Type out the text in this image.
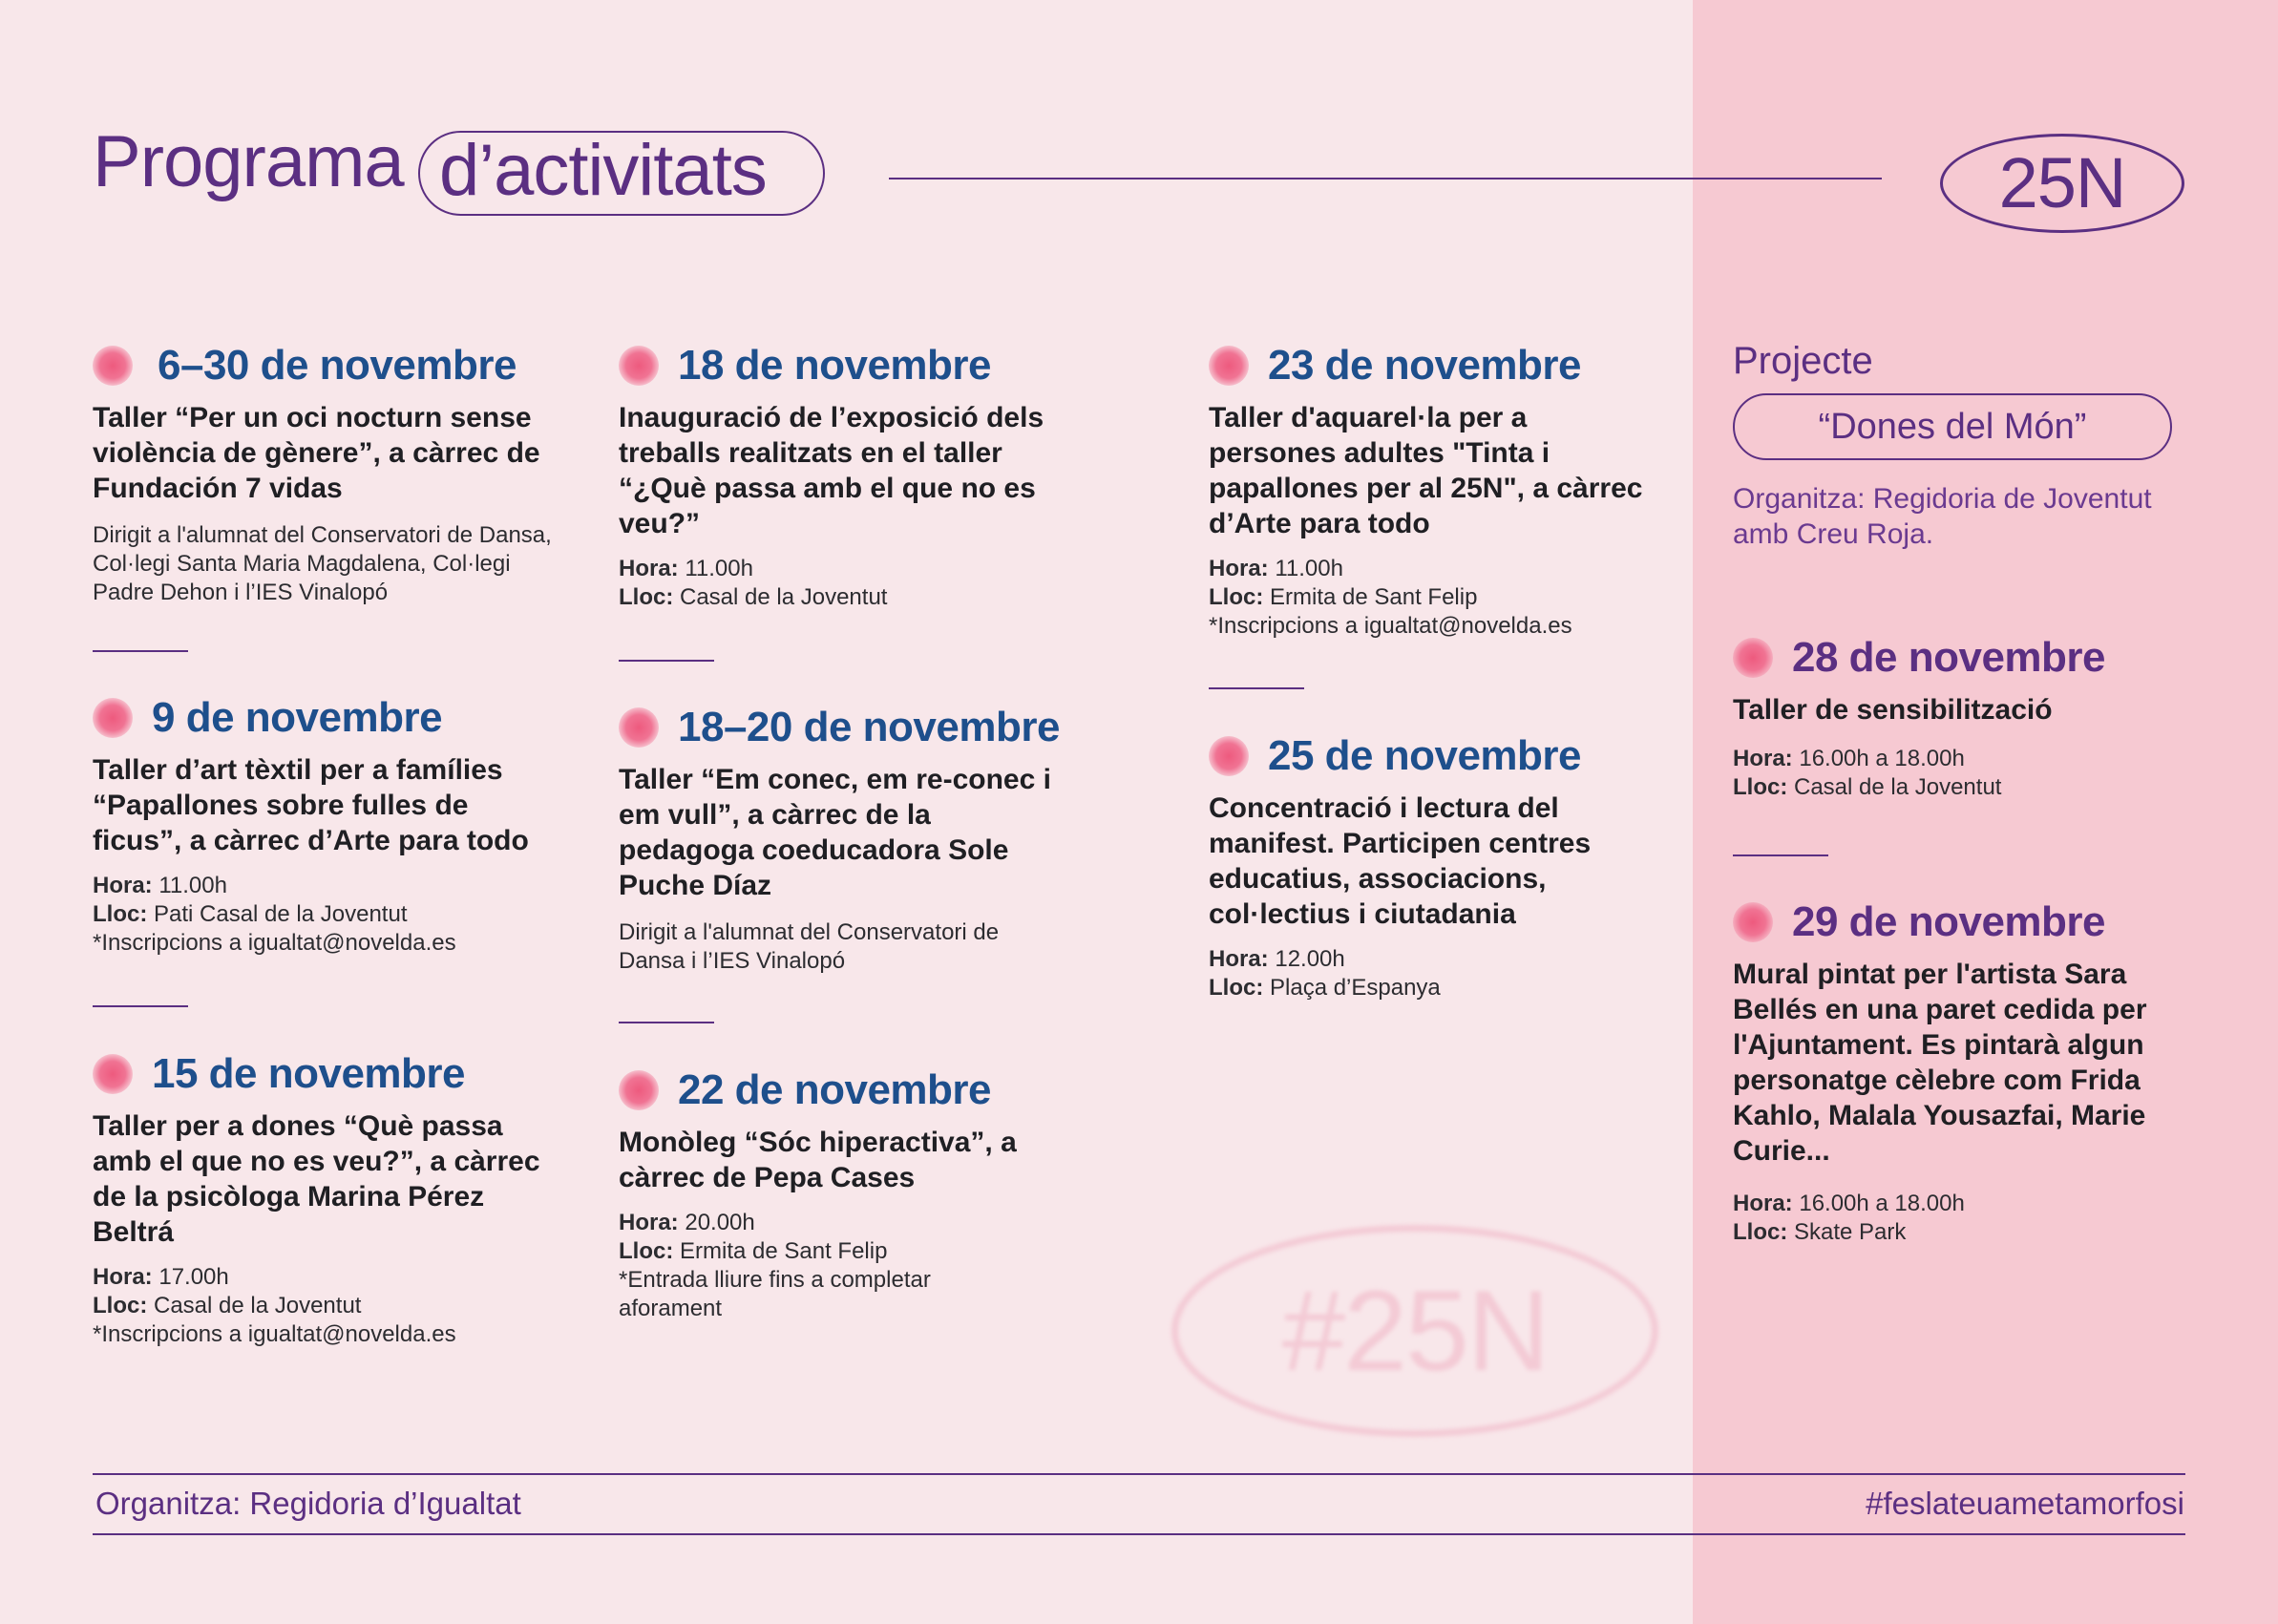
Programa d’activitats	25N
6–30 de novembre
Taller “Per un oci nocturn sense violència de gènere”, a càrrec de Fundación 7 vidas
Dirigit a l'alumnat del Conservatori de Dansa, Col·legi Santa Maria Magdalena, Col·legi Padre Dehon i l’IES Vinalopó
9 de novembre
Taller d’art tèxtil per a famílies “Papallones sobre fulles de ficus”, a càrrec d’Arte para todo
Hora: 11.00h
Lloc: Pati Casal de la Joventut
*Inscripcions a igualtat@novelda.es
15 de novembre
Taller per a dones “Què passa amb el que no es veu?”, a càrrec de la psicòloga Marina Pérez Beltrá
Hora: 17.00h
Lloc: Casal de la Joventut
*Inscripcions a igualtat@novelda.es
18 de novembre
Inauguració de l’exposició dels treballs realitzats en el taller “¿Què passa amb el que no es veu?”
Hora: 11.00h
Lloc: Casal de la Joventut
18–20 de novembre
Taller “Em conec, em re-conec i em vull”, a càrrec de la pedagoga coeducadora Sole Puche Díaz
Dirigit a l'alumnat del Conservatori de Dansa i l’IES Vinalopó
22 de novembre
Monòleg “Sóc hiperactiva”, a càrrec de Pepa Cases
Hora: 20.00h
Lloc: Ermita de Sant Felip
*Entrada lliure fins a completar aforament
23 de novembre
Taller d'aquarel·la per a persones adultes "Tinta i papallones per al 25N", a càrrec d’Arte para todo
Hora: 11.00h
Lloc: Ermita de Sant Felip
*Inscripcions a igualtat@novelda.es
25 de novembre
Concentració i lectura del manifest. Participen centres educatius, associacions, col·lectius i ciutadania
Hora: 12.00h
Lloc: Plaça d’Espanya
#25N
Projecte
“Dones del Món”
Organitza: Regidoria de Joventut amb Creu Roja.
28 de novembre
Taller de sensibilització
Hora: 16.00h a 18.00h
Lloc: Casal de la Joventut
29 de novembre
Mural pintat per l'artista Sara Bellés en una paret cedida per l'Ajuntament. Es pintarà algun personatge cèlebre com Frida Kahlo, Malala Yousazfai, Marie Curie...
Hora: 16.00h a 18.00h
Lloc: Skate Park
Organitza: Regidoria d’Igualtat	#feslateuametamorfosi
